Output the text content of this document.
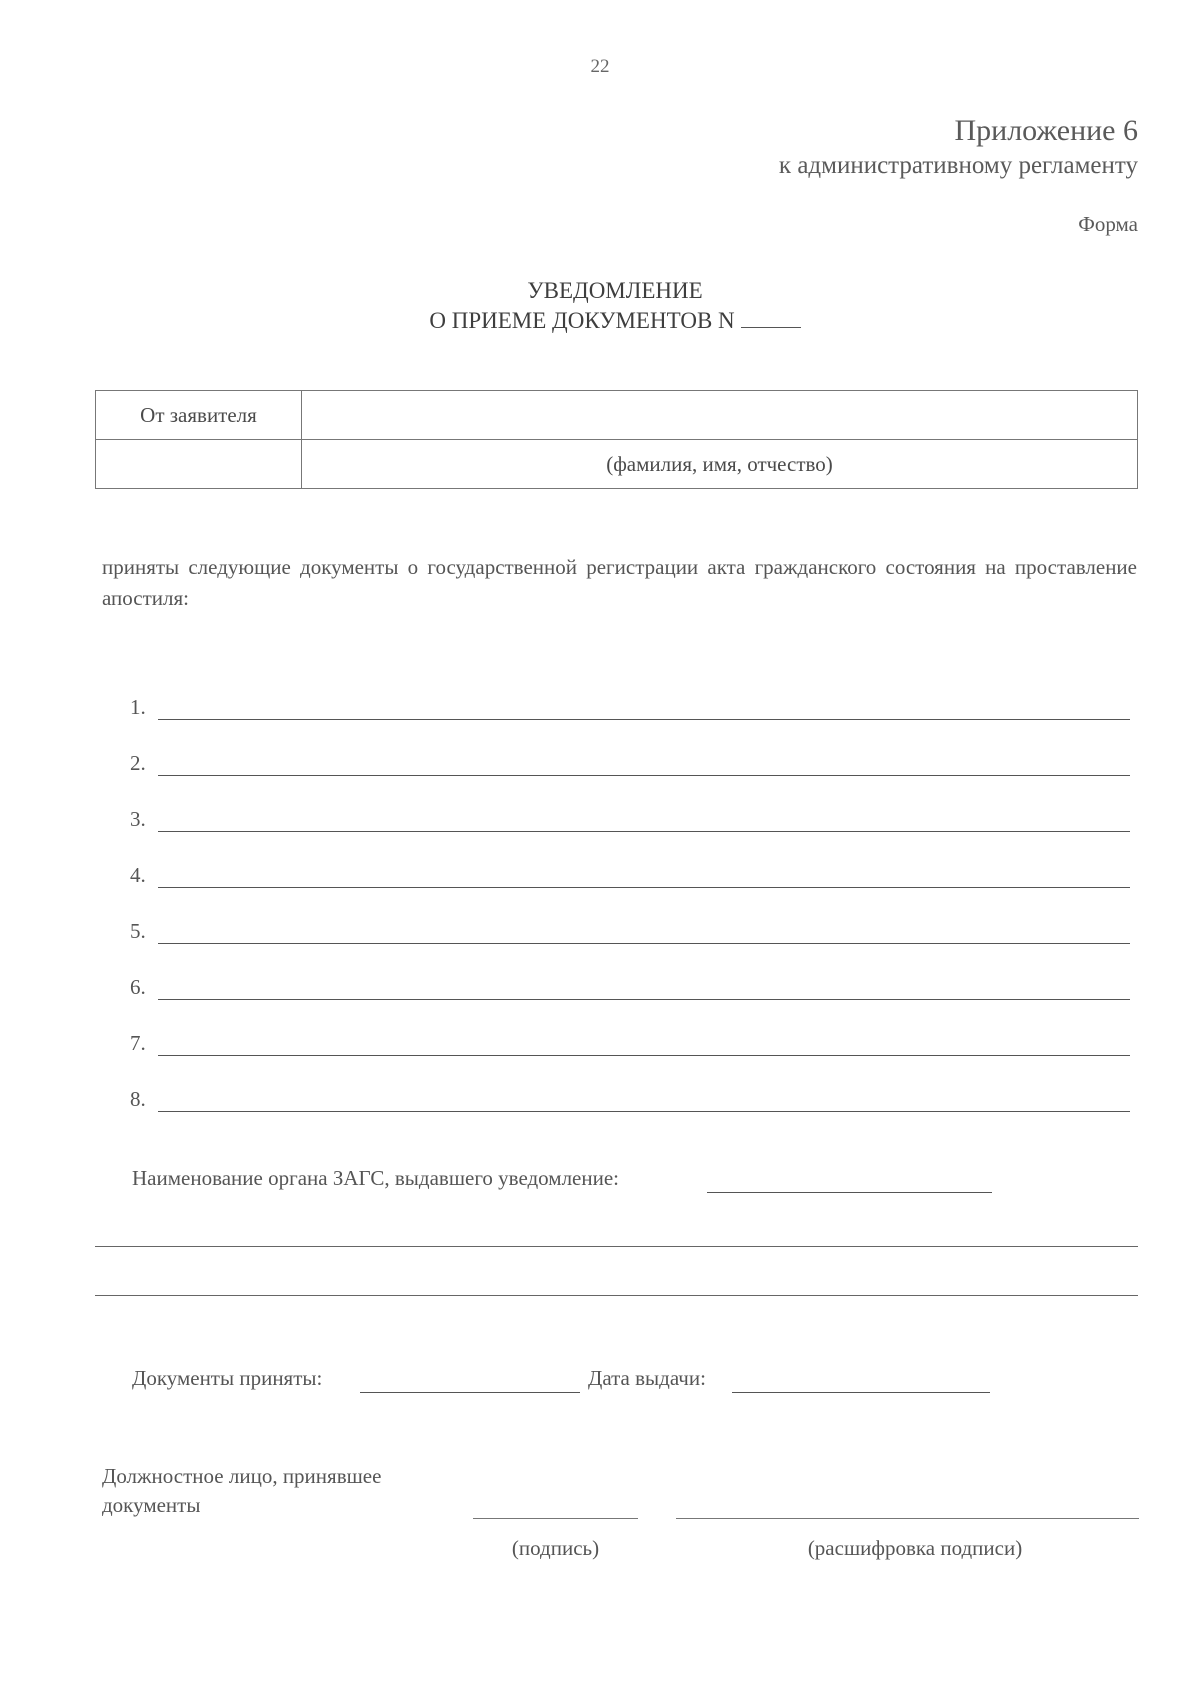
22
Приложение 6
к административному регламенту
Форма
УВЕДОМЛЕНИЕ
О ПРИЕМЕ ДОКУМЕНТОВ N
От заявителя	
	(фамилия, имя, отчество)
приняты следующие документы о государственной регистрации акта гражданского состояния на проставление апостиля:
1.
2.
3.
4.
5.
6.
7.
8.
Наименование органа ЗАГС, выдавшего уведомление:
Документы приняты:	Дата выдачи:
Должностное лицо, принявшее документы
(подпись)	(расшифровка подписи)
